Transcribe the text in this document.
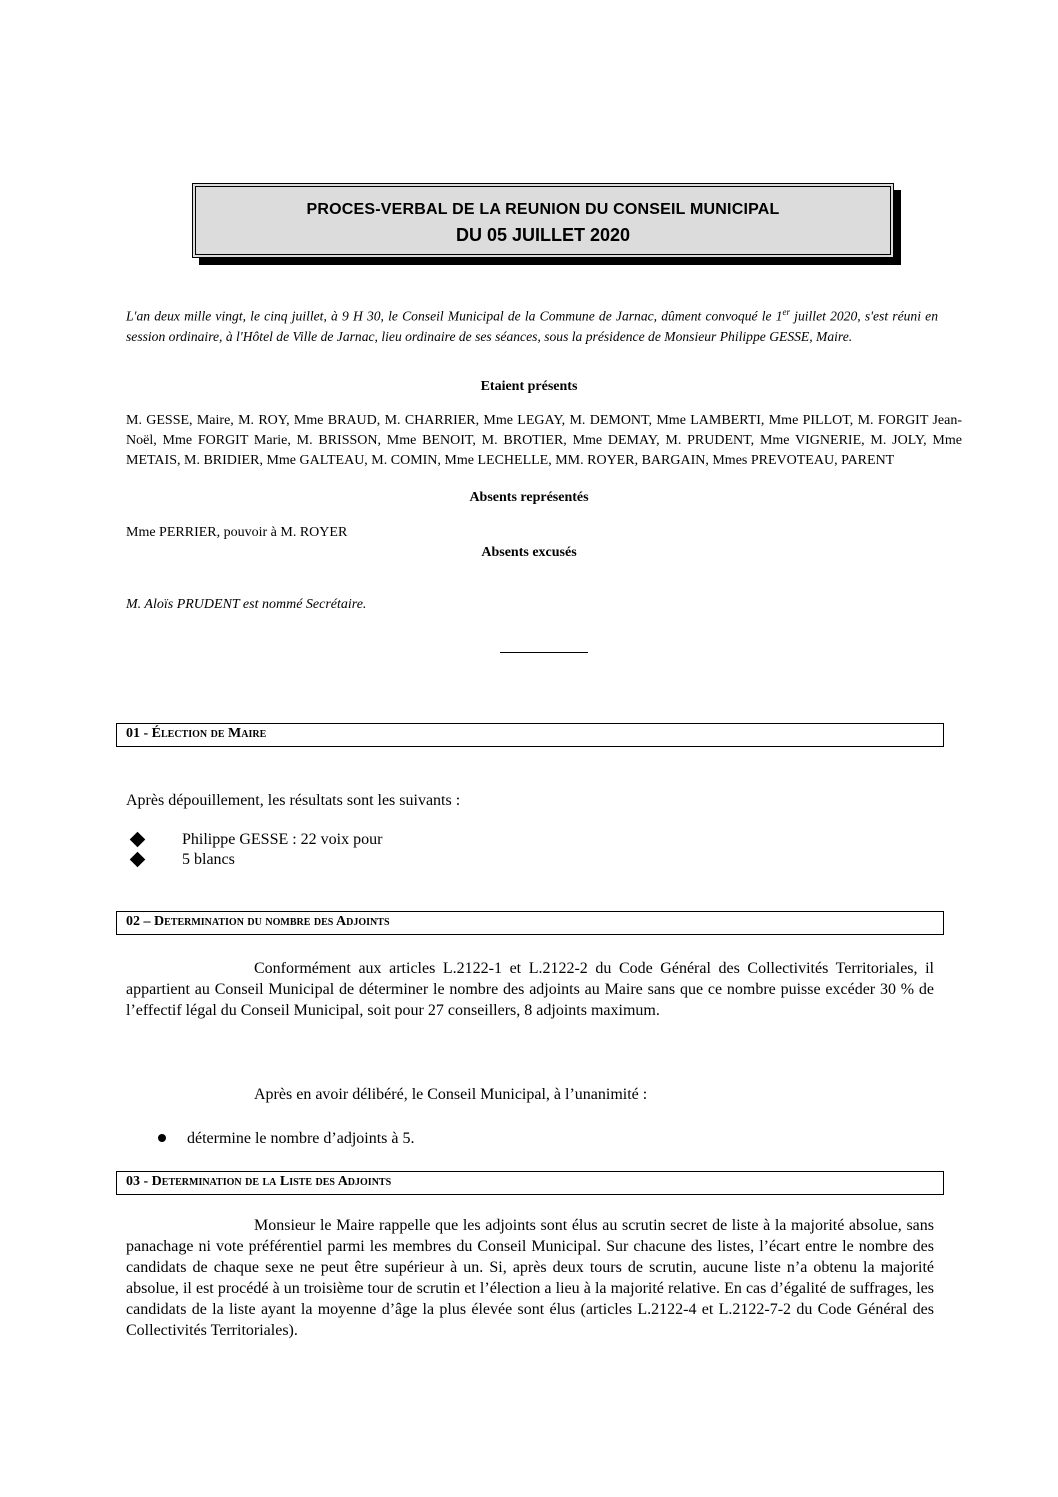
PROCES-VERBAL DE LA REUNION DU CONSEIL MUNICIPAL
DU 05 JUILLET 2020
L'an deux mille vingt, le cinq juillet, à 9 H 30, le Conseil Municipal de la Commune de Jarnac, dûment convoqué le 1er juillet 2020, s'est réuni en session ordinaire, à l'Hôtel de Ville de Jarnac, lieu ordinaire de ses séances, sous la présidence de Monsieur Philippe GESSE, Maire.
Etaient présents
M. GESSE, Maire, M. ROY, Mme BRAUD, M. CHARRIER, Mme LEGAY, M. DEMONT, Mme LAMBERTI, Mme PILLOT, M. FORGIT Jean-Noël, Mme FORGIT Marie, M. BRISSON, Mme BENOIT, M. BROTIER, Mme DEMAY, M. PRUDENT, Mme VIGNERIE, M. JOLY, Mme METAIS, M. BRIDIER, Mme GALTEAU, M. COMIN, Mme LECHELLE, MM. ROYER, BARGAIN, Mmes PREVOTEAU, PARENT
Absents représentés
Mme PERRIER, pouvoir à M. ROYER
Absents excusés
M. Aloïs PRUDENT est nommé Secrétaire.
01 - Élection de Maire
Après dépouillement, les résultats sont les suivants :
Philippe GESSE : 22 voix pour
5 blancs
02 – Determination du nombre des Adjoints
Conformément aux articles L.2122-1 et L.2122-2 du Code Général des Collectivités Territoriales, il appartient au Conseil Municipal de déterminer le nombre des adjoints au Maire sans que ce nombre puisse excéder 30 % de l’effectif légal du Conseil Municipal, soit pour 27 conseillers, 8 adjoints maximum.
Après en avoir délibéré, le Conseil Municipal, à l’unanimité :
détermine le nombre d’adjoints à 5.
03 - Determination de la Liste des Adjoints
Monsieur le Maire rappelle que les adjoints sont élus au scrutin secret de liste à la majorité absolue, sans panachage ni vote préférentiel parmi les membres du Conseil Municipal. Sur chacune des listes, l’écart entre le nombre des candidats de chaque sexe ne peut être supérieur à un. Si, après deux tours de scrutin, aucune liste n’a obtenu la majorité absolue, il est procédé à un troisième tour de scrutin et l’élection a lieu à la majorité relative. En cas d’égalité de suffrages, les candidats de la liste ayant la moyenne d’âge la plus élevée sont élus (articles L.2122-4 et L.2122-7-2 du Code Général des Collectivités Territoriales).
